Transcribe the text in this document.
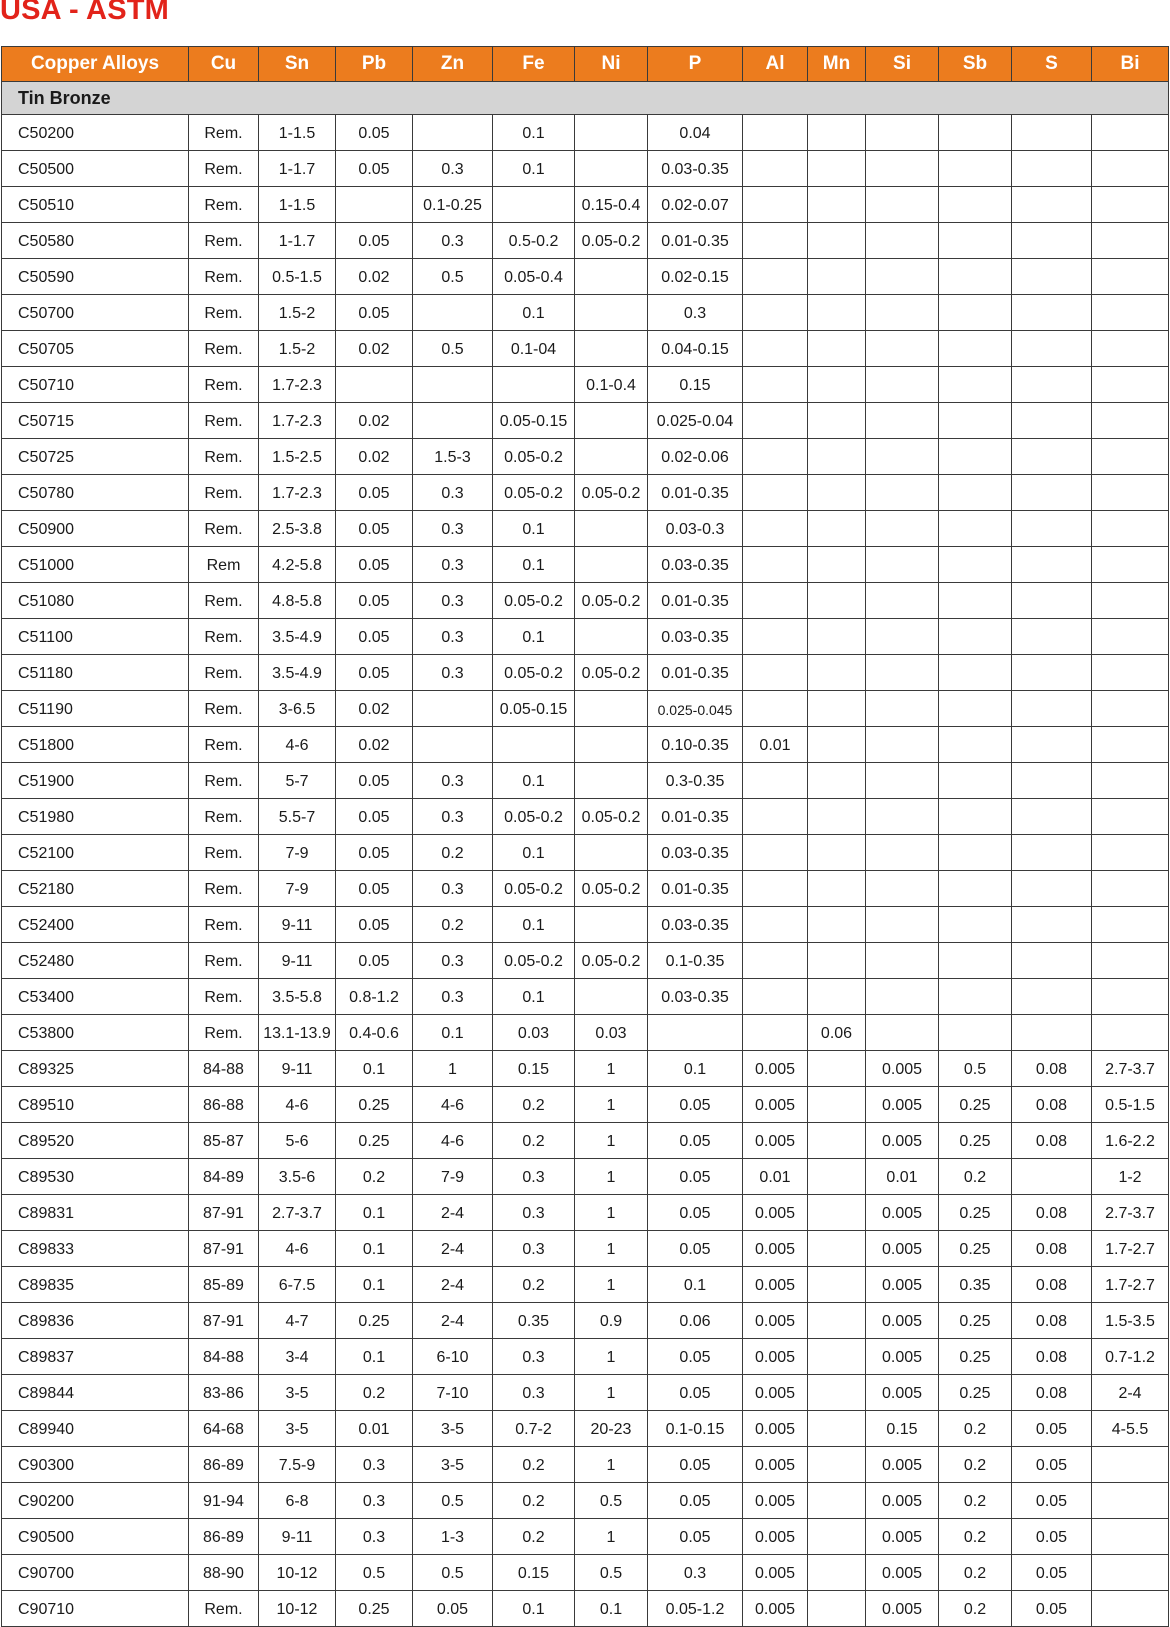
USA - ASTM
Copper Alloys	Cu	Sn	Pb	Zn	Fe	Ni	P	Al	Mn	Si	Sb	S	Bi
Tin Bronze													
C50200	Rem.	1-1.5	0.05		0.1		0.04						
C50500	Rem.	1-1.7	0.05	0.3	0.1		0.03-0.35						
C50510	Rem.	1-1.5		0.1-0.25		0.15-0.4	0.02-0.07						
C50580	Rem.	1-1.7	0.05	0.3	0.5-0.2	0.05-0.2	0.01-0.35						
C50590	Rem.	0.5-1.5	0.02	0.5	0.05-0.4		0.02-0.15						
C50700	Rem.	1.5-2	0.05		0.1		0.3						
C50705	Rem.	1.5-2	0.02	0.5	0.1-04		0.04-0.15						
C50710	Rem.	1.7-2.3				0.1-0.4	0.15						
C50715	Rem.	1.7-2.3	0.02		0.05-0.15		0.025-0.04						
C50725	Rem.	1.5-2.5	0.02	1.5-3	0.05-0.2		0.02-0.06						
C50780	Rem.	1.7-2.3	0.05	0.3	0.05-0.2	0.05-0.2	0.01-0.35						
C50900	Rem.	2.5-3.8	0.05	0.3	0.1		0.03-0.3						
C51000	Rem	4.2-5.8	0.05	0.3	0.1		0.03-0.35						
C51080	Rem.	4.8-5.8	0.05	0.3	0.05-0.2	0.05-0.2	0.01-0.35						
C51100	Rem.	3.5-4.9	0.05	0.3	0.1		0.03-0.35						
C51180	Rem.	3.5-4.9	0.05	0.3	0.05-0.2	0.05-0.2	0.01-0.35						
C51190	Rem.	3-6.5	0.02		0.05-0.15		0.025-0.045						
C51800	Rem.	4-6	0.02				0.10-0.35	0.01					
C51900	Rem.	5-7	0.05	0.3	0.1		0.3-0.35						
C51980	Rem.	5.5-7	0.05	0.3	0.05-0.2	0.05-0.2	0.01-0.35						
C52100	Rem.	7-9	0.05	0.2	0.1		0.03-0.35						
C52180	Rem.	7-9	0.05	0.3	0.05-0.2	0.05-0.2	0.01-0.35						
C52400	Rem.	9-11	0.05	0.2	0.1		0.03-0.35						
C52480	Rem.	9-11	0.05	0.3	0.05-0.2	0.05-0.2	0.1-0.35						
C53400	Rem.	3.5-5.8	0.8-1.2	0.3	0.1		0.03-0.35						
C53800	Rem.	13.1-13.9	0.4-0.6	0.1	0.03	0.03			0.06				
C89325	84-88	9-11	0.1	1	0.15	1	0.1	0.005		0.005	0.5	0.08	2.7-3.7
C89510	86-88	4-6	0.25	4-6	0.2	1	0.05	0.005		0.005	0.25	0.08	0.5-1.5
C89520	85-87	5-6	0.25	4-6	0.2	1	0.05	0.005		0.005	0.25	0.08	1.6-2.2
C89530	84-89	3.5-6	0.2	7-9	0.3	1	0.05	0.01		0.01	0.2		1-2
C89831	87-91	2.7-3.7	0.1	2-4	0.3	1	0.05	0.005		0.005	0.25	0.08	2.7-3.7
C89833	87-91	4-6	0.1	2-4	0.3	1	0.05	0.005		0.005	0.25	0.08	1.7-2.7
C89835	85-89	6-7.5	0.1	2-4	0.2	1	0.1	0.005		0.005	0.35	0.08	1.7-2.7
C89836	87-91	4-7	0.25	2-4	0.35	0.9	0.06	0.005		0.005	0.25	0.08	1.5-3.5
C89837	84-88	3-4	0.1	6-10	0.3	1	0.05	0.005		0.005	0.25	0.08	0.7-1.2
C89844	83-86	3-5	0.2	7-10	0.3	1	0.05	0.005		0.005	0.25	0.08	2-4
C89940	64-68	3-5	0.01	3-5	0.7-2	20-23	0.1-0.15	0.005		0.15	0.2	0.05	4-5.5
C90300	86-89	7.5-9	0.3	3-5	0.2	1	0.05	0.005		0.005	0.2	0.05	
C90200	91-94	6-8	0.3	0.5	0.2	0.5	0.05	0.005		0.005	0.2	0.05	
C90500	86-89	9-11	0.3	1-3	0.2	1	0.05	0.005		0.005	0.2	0.05	
C90700	88-90	10-12	0.5	0.5	0.15	0.5	0.3	0.005		0.005	0.2	0.05	
C90710	Rem.	10-12	0.25	0.05	0.1	0.1	0.05-1.2	0.005		0.005	0.2	0.05	
